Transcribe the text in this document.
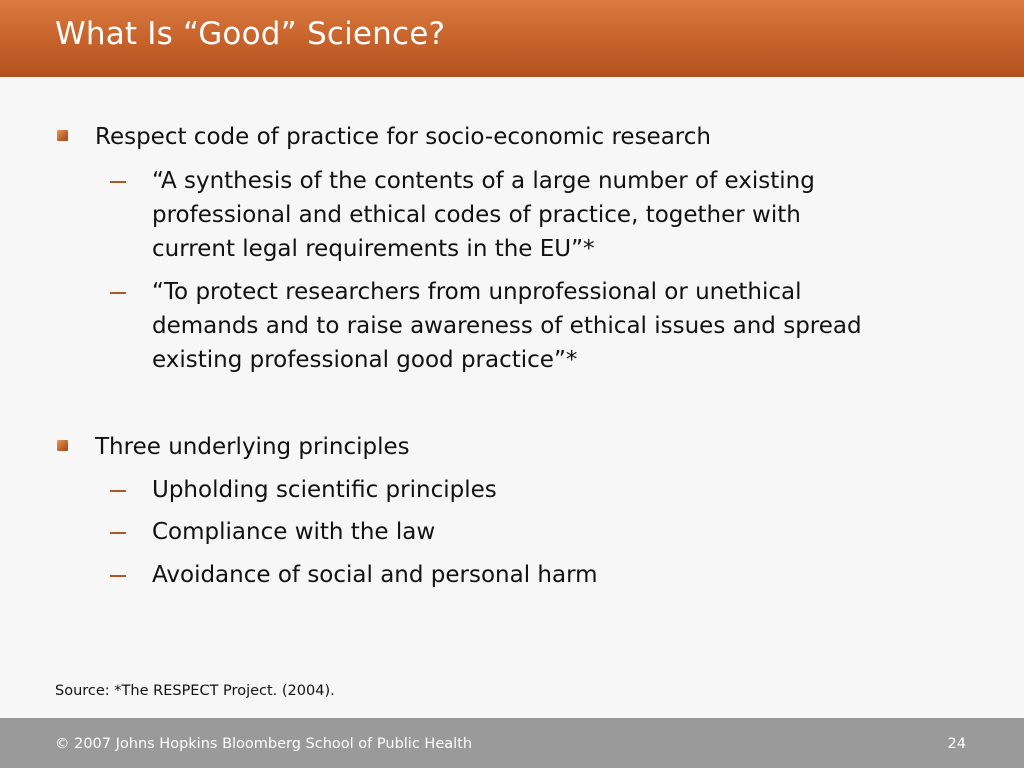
What Is “Good” Science?
Respect code of practice for socio-economic research
“A synthesis of the contents of a large number of existing
professional and ethical codes of practice, together with
current legal requirements in the EU”*
“To protect researchers from unprofessional or unethical
demands and to raise awareness of ethical issues and spread
existing professional good practice”*
Three underlying principles
Upholding scientific principles
Compliance with the law
Avoidance of social and personal harm
Source: *The RESPECT Project. (2004).
© 2007 Johns Hopkins Bloomberg School of Public Health	24
